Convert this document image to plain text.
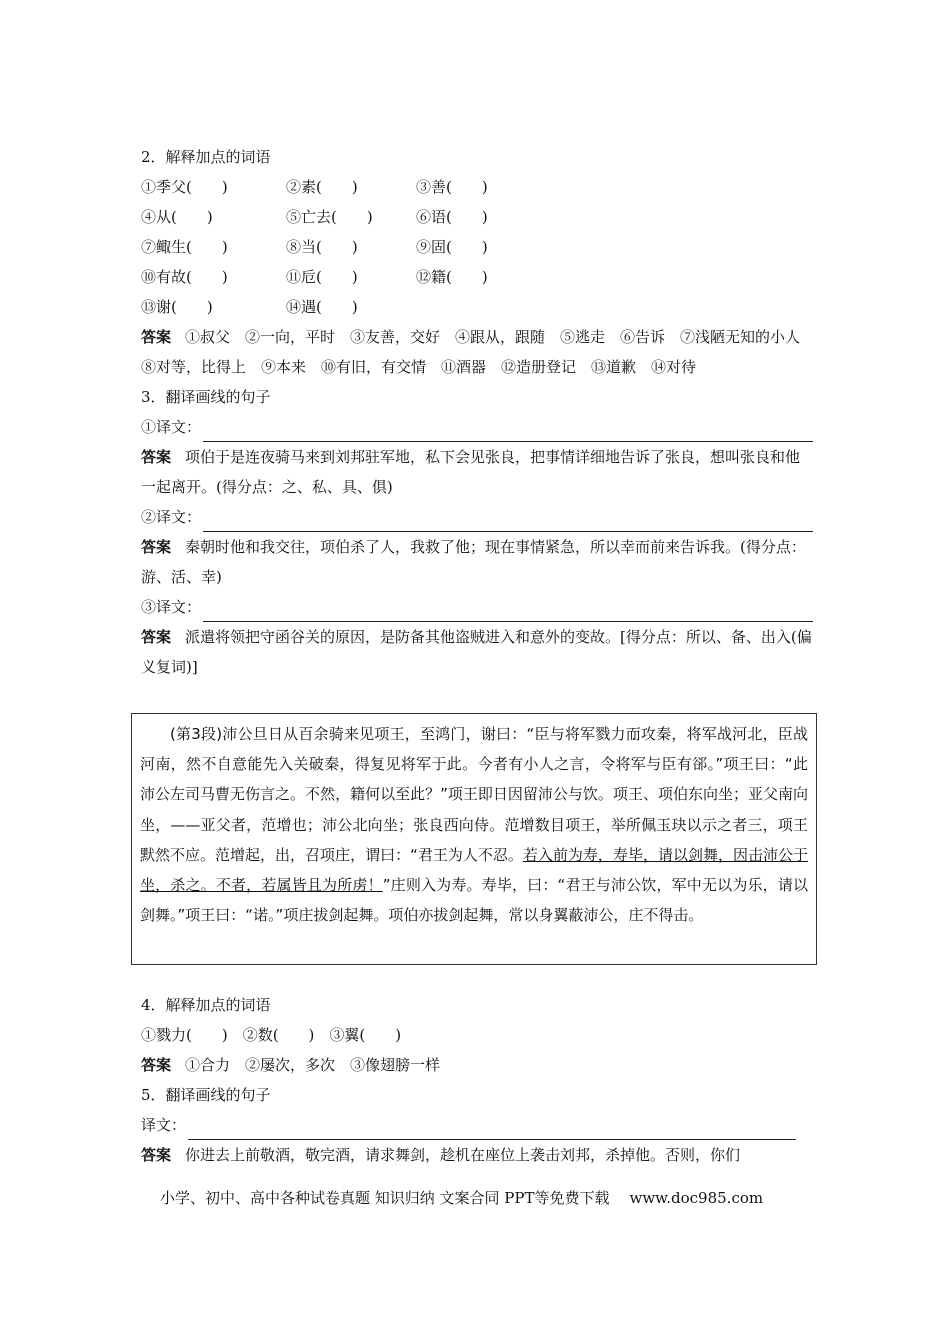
2．解释加点的词语
①季父(　　)	②素(　　)	③善(　　)
④从(　　)	⑤亡去(　　)	⑥语(　　)
⑦鲰生(　　)	⑧当(　　)	⑨固(　　)
⑩有故(　　)	⑪卮(　　)	⑫籍(　　)
⑬谢(　　)	⑭遇(　　)
答案 ①叔父　②一向，平时　③友善，交好　④跟从，跟随　⑤逃走　⑥告诉　⑦浅陋无知的小人　⑧对等，比得上　⑨本来　⑩有旧，有交情　⑪酒器　⑫造册登记　⑬道歉　⑭对待
3．翻译画线的句子
①译文：
答案 项伯于是连夜骑马来到刘邦驻军地，私下会见张良，把事情详细地告诉了张良，想叫张良和他一起离开。(得分点：之、私、具、俱)
②译文：
答案 秦朝时他和我交往，项伯杀了人，我救了他；现在事情紧急，所以幸而前来告诉我。(得分点：游、活、幸)
③译文：
答案 派遣将领把守函谷关的原因，是防备其他盗贼进入和意外的变故。[得分点：所以、备、出入(偏义复词)]

(第3段)沛公旦日从百余骑来见项王，至鸿门，谢曰：“臣与将军戮 ·力而攻秦，将军战河北，臣战河南，然不自意能先入关破秦，得复见将军于此。今者有小人之言，令将军与臣有郤。”项王曰：“此沛公左司马曹无伤言之。不然，籍何以至此？”项王即日因留沛公与饮。项王、项伯东向坐；亚父南向坐，——亚父者，范增也；沛公北向坐；张良西向侍。范增数 ·目项王，举所佩玉玦以示之者三，项王默然不应。范增起，出，召项庄，谓曰：“君王为人不忍。若入前为寿，寿毕，请以剑舞，因击沛公于坐，杀之。不者，若属皆且为所虏！”庄则入为寿。寿毕，曰：“君王与沛公饮，军中无以为乐，请以剑舞。”项王曰：“诺。”项庄拔剑起舞。项伯亦拔剑起舞，常以身翼 ·蔽沛公，庄不得击。

4．解释加点的词语
①戮力(　　)　②数(　　)　③翼(　　)
答案 ①合力　②屡次，多次　③像翅膀一样
5．翻译画线的句子
译文：
答案 你进去上前敬酒，敬完酒，请求舞剑，趁机在座位上袭击刘邦，杀掉他。否则，你们
小学、初中、高中各种试卷真题 知识归纳 文案合同 PPT等免费下载 www.doc985.com
